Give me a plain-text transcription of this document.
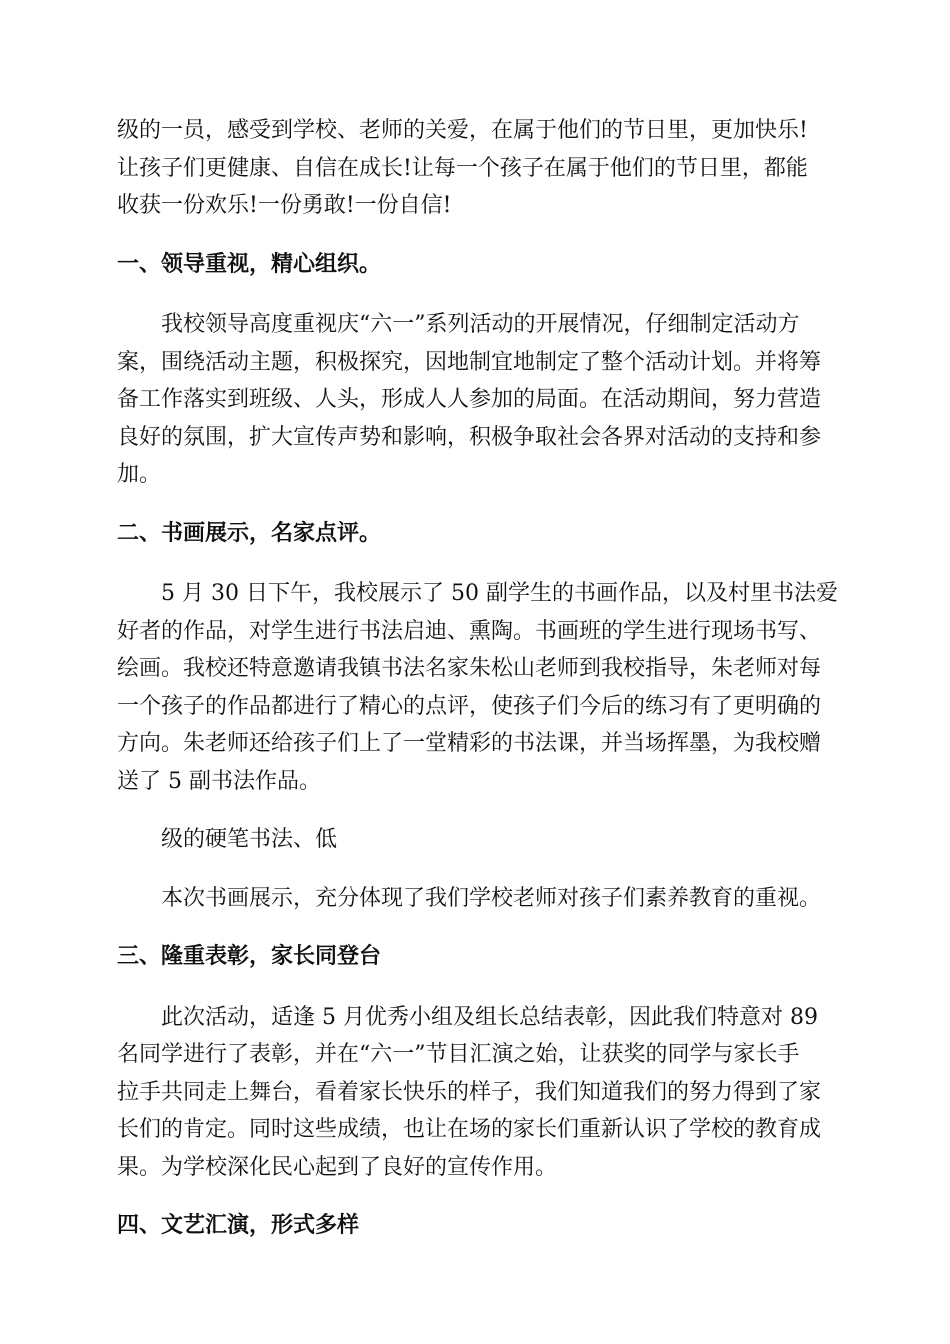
级的一员，感受到学校、老师的关爱，在属于他们的节日里，更加快乐!
让孩子们更健康、自信在成长!让每一个孩子在属于他们的节日里，都能
收获一份欢乐!一份勇敢!一份自信!

一、领导重视，精心组织。

我校领导高度重视庆“六一”系列活动的开展情况，仔细制定活动方
案，围绕活动主题，积极探究，因地制宜地制定了整个活动计划。并将筹
备工作落实到班级、人头，形成人人参加的局面。在活动期间，努力营造
良好的氛围，扩大宣传声势和影响，积极争取社会各界对活动的支持和参
加。

二、书画展示，名家点评。

5 月 30 日下午，我校展示了 50 副学生的书画作品，以及村里书法爱
好者的作品，对学生进行书法启迪、熏陶。书画班的学生进行现场书写、
绘画。我校还特意邀请我镇书法名家朱松山老师到我校指导，朱老师对每
一个孩子的作品都进行了精心的点评，使孩子们今后的练习有了更明确的
方向。朱老师还给孩子们上了一堂精彩的书法课，并当场挥墨，为我校赠
送了 5 副书法作品。

级的硬笔书法、低

本次书画展示，充分体现了我们学校老师对孩子们素养教育的重视。

三、隆重表彰，家长同登台

此次活动，适逢 5 月优秀小组及组长总结表彰，因此我们特意对 89
名同学进行了表彰，并在“六一”节目汇演之始，让获奖的同学与家长手
拉手共同走上舞台，看着家长快乐的样子，我们知道我们的努力得到了家
长们的肯定。同时这些成绩，也让在场的家长们重新认识了学校的教育成
果。为学校深化民心起到了良好的宣传作用。

四、文艺汇演，形式多样
